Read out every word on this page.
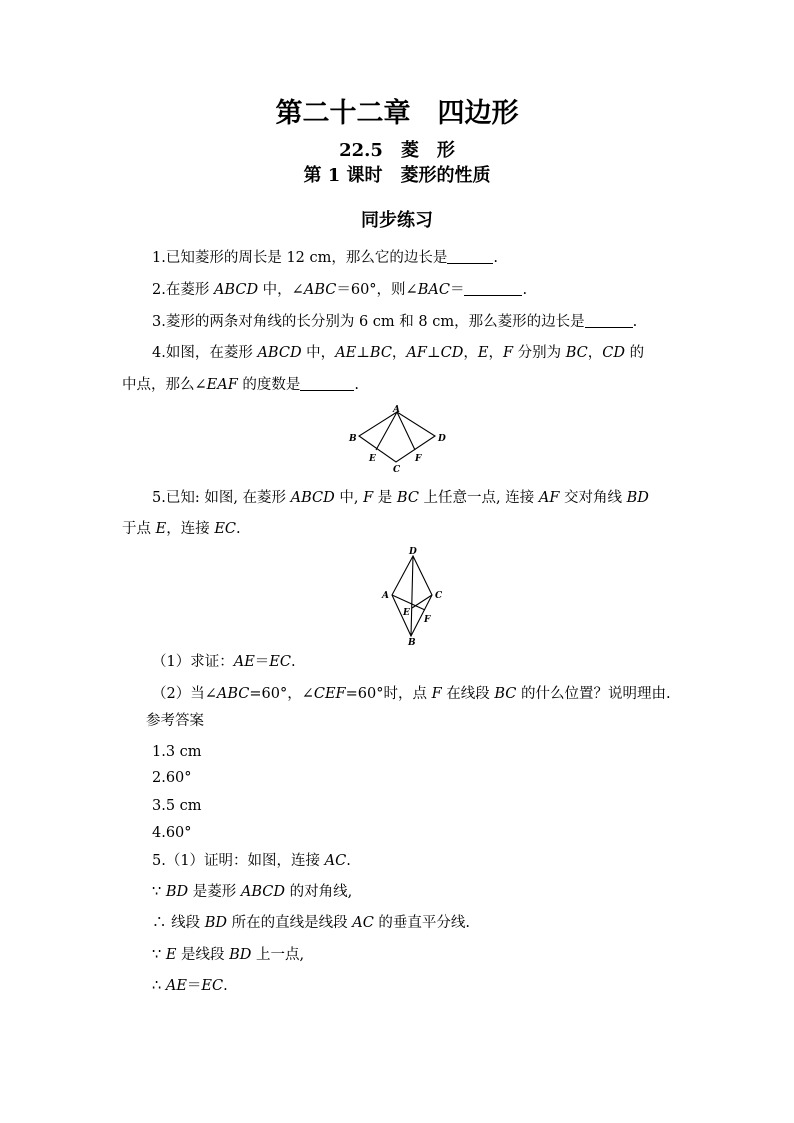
第二十二章　四边形
22.5　菱　形
第 1 课时　菱形的性质
同步练习
1.已知菱形的周长是 12 cm，那么它的边长是	.
2.在菱形 ABCD 中，∠ABC＝60°，则∠BAC＝	.
3.菱形的两条对角线的长分别为 6 cm 和 8 cm，那么菱形的边长是	.
4.如图，在菱形 ABCD 中，AE⊥BC，AF⊥CD，E，F 分别为 BC，CD 的
中点，那么∠EAF 的度数是	.
A
B
C
D
E	F
5.已知: 如图, 在菱形 ABCD 中, F 是 BC 上任意一点, 连接 AF 交对角线 BD
于点 E，连接 EC.
D
A	C
E
F
B
（1）求证：AE＝EC.
（2）当∠ABC=60°，∠CEF=60°时，点 F 在线段 BC 的什么位置？说明理由.
参考答案
1.3 cm
2.60°
3.5 cm
4.60°
5.（1）证明：如图，连接 AC.
∵ BD 是菱形 ABCD 的对角线,
∴ 线段 BD 所在的直线是线段 AC 的垂直平分线.
∵ E 是线段 BD 上一点,
∴ AE＝EC.
